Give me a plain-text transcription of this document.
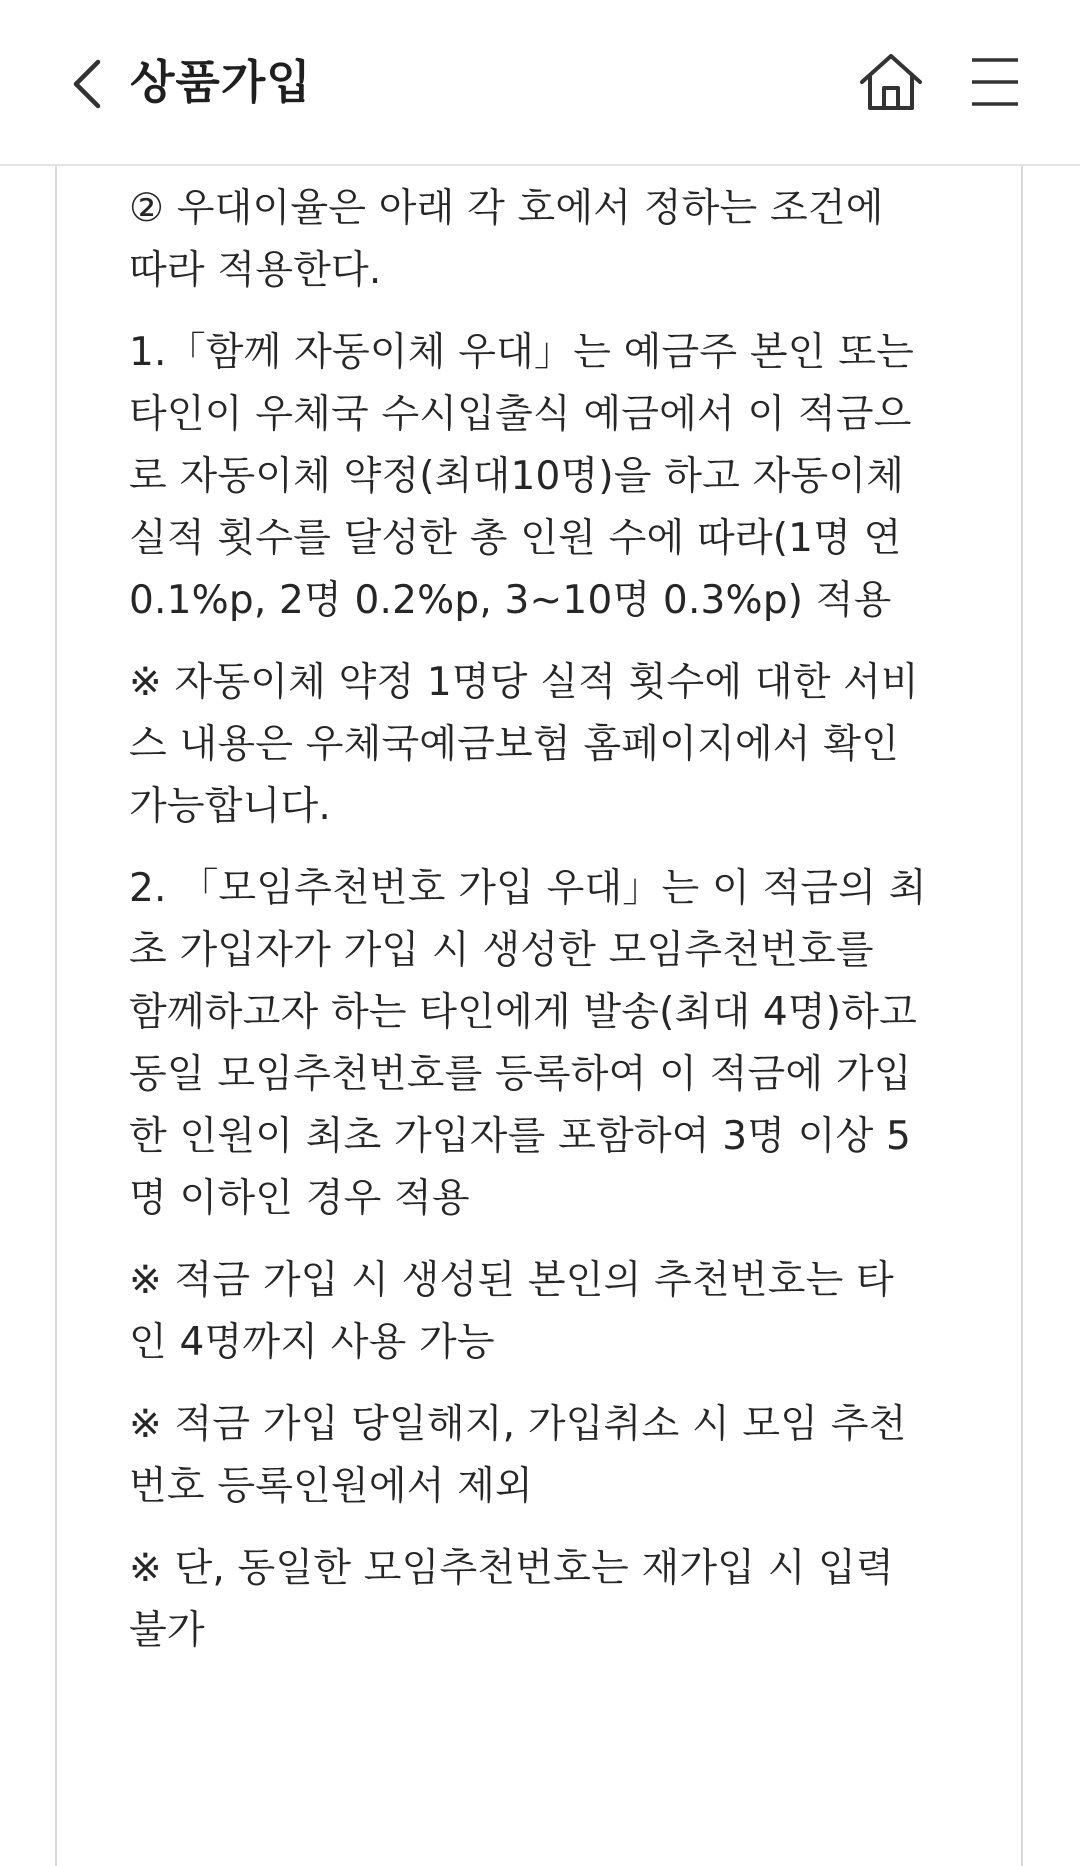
상품가입

② 우대이율은 아래 각 호에서 정하는 조건에
따라 적용한다.

1.「함께 자동이체 우대」는 예금주 본인 또는
타인이 우체국 수시입출식 예금에서 이 적금으
로 자동이체 약정(최대10명)을 하고 자동이체
실적 횟수를 달성한 총 인원 수에 따라(1명 연
0.1%p, 2명 0.2%p, 3~10명 0.3%p) 적용

※ 자동이체 약정 1명당 실적 횟수에 대한 서비
스 내용은 우체국예금보험 홈페이지에서 확인
가능합니다.

2. 「모임추천번호 가입 우대」는 이 적금의 최
초 가입자가 가입 시 생성한 모임추천번호를
함께하고자 하는 타인에게 발송(최대 4명)하고
동일 모임추천번호를 등록하여 이 적금에 가입
한 인원이 최초 가입자를 포함하여 3명 이상 5
명 이하인 경우 적용

※ 적금 가입 시 생성된 본인의 추천번호는 타
인 4명까지 사용 가능

※ 적금 가입 당일해지, 가입취소 시 모임 추천
번호 등록인원에서 제외

※ 단, 동일한 모임추천번호는 재가입 시 입력
불가
